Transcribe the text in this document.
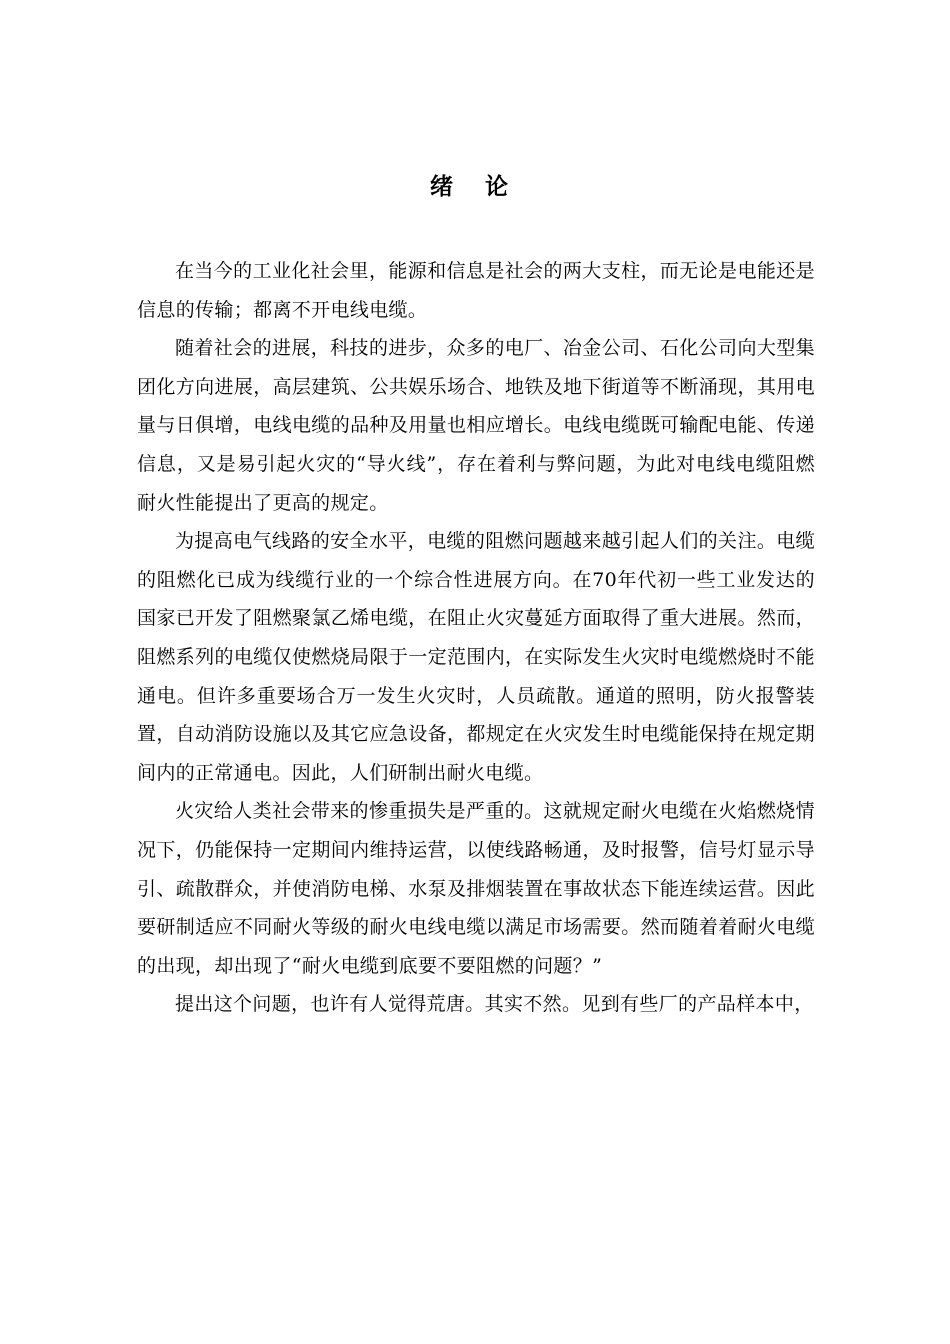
绪 论

在当今的工业化社会里，能源和信息是社会的两大支柱，而无论是电能还是信息的传输；都离不开电线电缆。

随着社会的进展，科技的进步，众多的电厂、冶金公司、石化公司向大型集团化方向进展，高层建筑、公共娱乐场合、地铁及地下街道等不断涌现，其用电量与日俱增，电线电缆的品种及用量也相应增长。电线电缆既可输配电能、传递信息，又是易引起火灾的“导火线”，存在着利与弊问题，为此对电线电缆阻燃耐火性能提出了更高的规定。

为提高电气线路的安全水平，电缆的阻燃问题越来越引起人们的关注。电缆的阻燃化已成为线缆行业的一个综合性进展方向。在70年代初一些工业发达的国家已开发了阻燃聚氯乙烯电缆，在阻止火灾蔓延方面取得了重大进展。然而，阻燃系列的电缆仅使燃烧局限于一定范围内，在实际发生火灾时电缆燃烧时不能通电。但许多重要场合万一发生火灾时，人员疏散。通道的照明，防火报警装置，自动消防设施以及其它应急设备，都规定在火灾发生时电缆能保持在规定期间内的正常通电。因此，人们研制出耐火电缆。

火灾给人类社会带来的惨重损失是严重的。这就规定耐火电缆在火焰燃烧情况下，仍能保持一定期间内维持运营，以使线路畅通，及时报警，信号灯显示导引、疏散群众，并使消防电梯、水泵及排烟装置在事故状态下能连续运营。因此要研制适应不同耐火等级的耐火电线电缆以满足市场需要。然而随着着耐火电缆的出现，却出现了“耐火电缆到底要不要阻燃的问题？”

提出这个问题，也许有人觉得荒唐。其实不然。见到有些厂的产品样本中，
